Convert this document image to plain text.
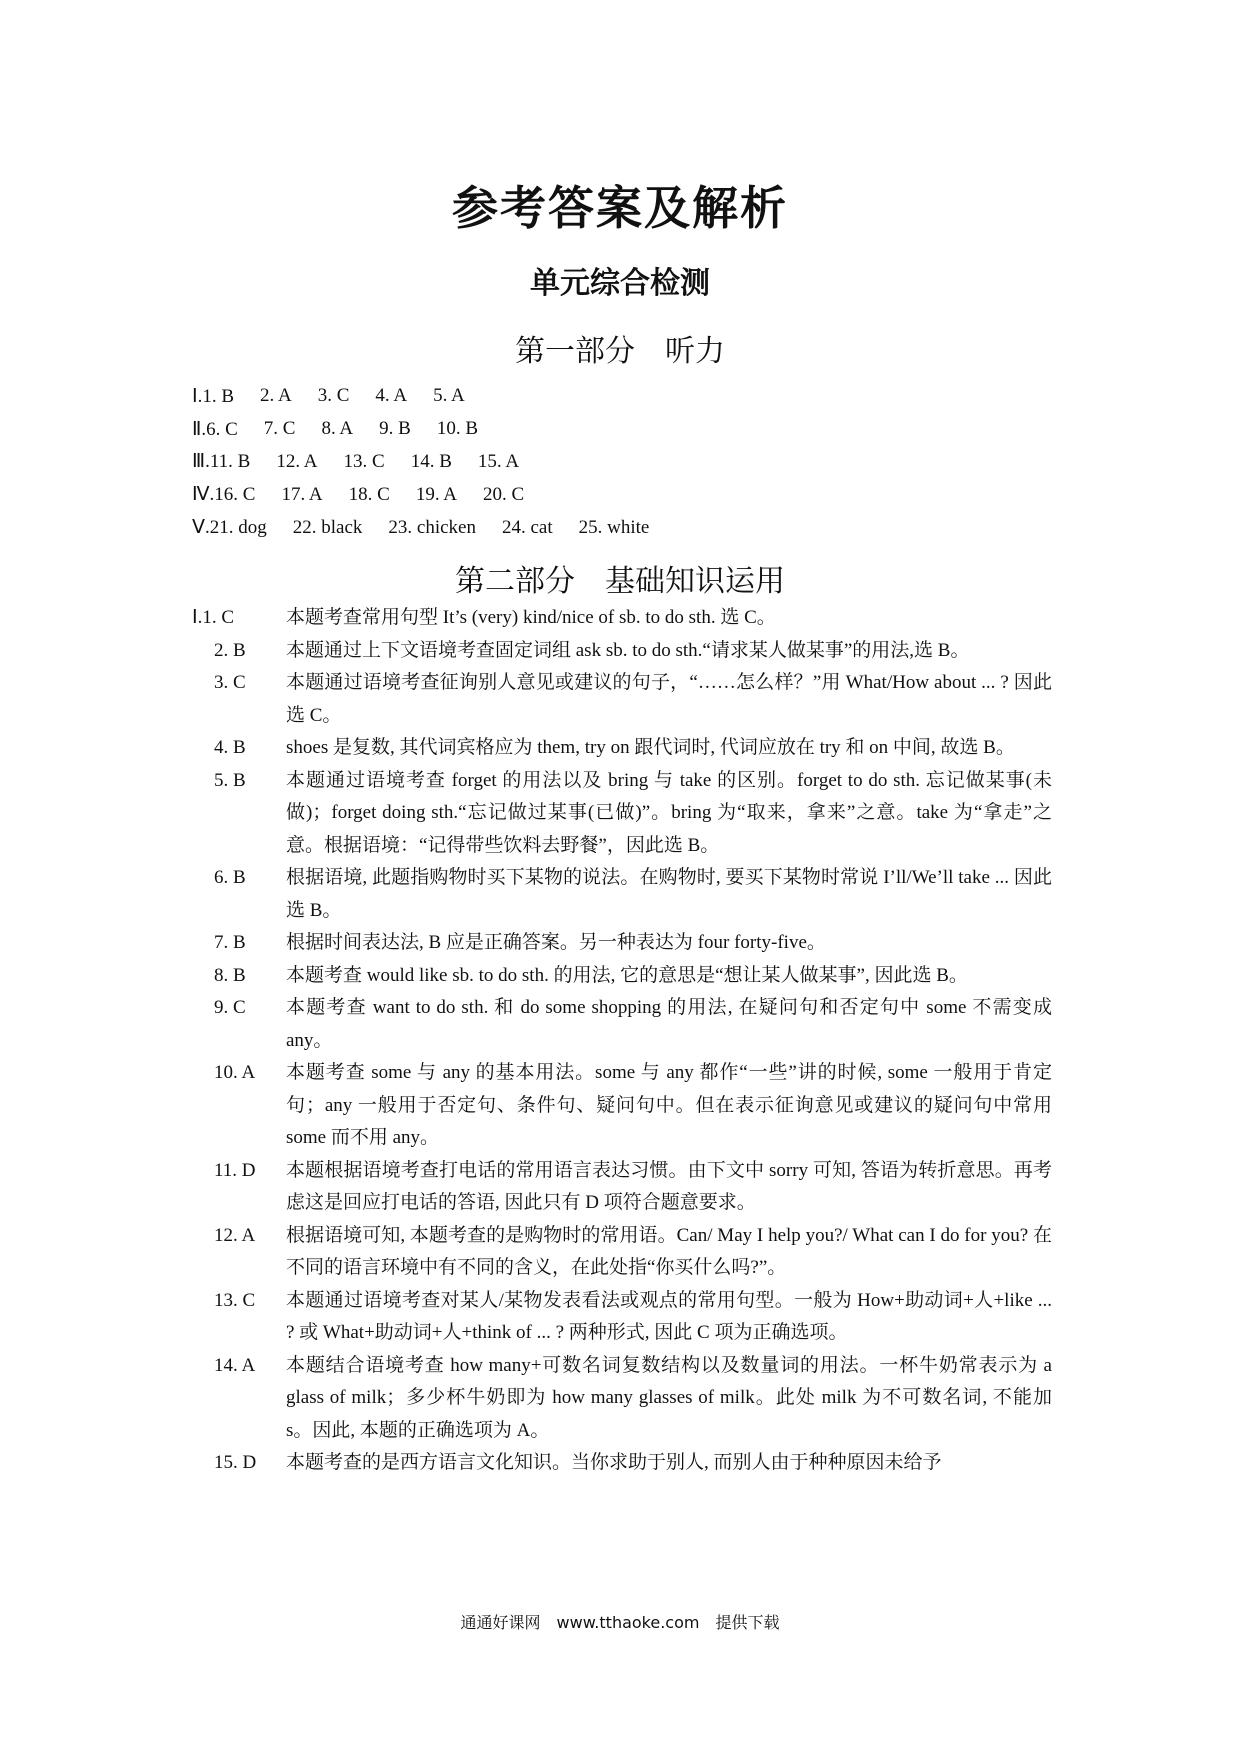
参考答案及解析
单元综合检测
第一部分　听力
Ⅰ.1. B 2. A 3. C 4. A 5. A
Ⅱ.6. C 7. C 8. A 9. B 10. B
Ⅲ.11. B 12. A 13. C 14. B 15. A
Ⅳ.16. C 17. A 18. C 19. A 20. C
Ⅴ.21. dog 22. black 23. chicken 24. cat 25. white
第二部分　基础知识运用
Ⅰ.1. C	本题考查常用句型 It’s (very) kind/nice of sb. to do sth. 选 C。
2. B	本题通过上下文语境考查固定词组 ask sb. to do sth.“请求某人做某事”的用法,选 B。
3. C	本题通过语境考查征询别人意见或建议的句子，“……怎么样？”用 What/How about ... ? 因此选 C。
4. B	shoes 是复数, 其代词宾格应为 them, try on 跟代词时, 代词应放在 try 和 on 中间, 故选 B。
5. B	本题通过语境考查 forget 的用法以及 bring 与 take 的区别。forget to do sth. 忘记做某事(未做)；forget doing sth.“忘记做过某事(已做)”。bring 为“取来，拿来”之意。take 为“拿走”之意。根据语境：“记得带些饮料去野餐”，因此选 B。
6. B	根据语境, 此题指购物时买下某物的说法。在购物时, 要买下某物时常说 I’ll/We’ll take ... 因此选 B。
7. B	根据时间表达法, B 应是正确答案。另一种表达为 four forty-five。
8. B	本题考查 would like sb. to do sth. 的用法, 它的意思是“想让某人做某事”, 因此选 B。
9. C	本题考查 want to do sth. 和 do some shopping 的用法, 在疑问句和否定句中 some 不需变成 any。
10. A	本题考查 some 与 any 的基本用法。some 与 any 都作“一些”讲的时候, some 一般用于肯定句；any 一般用于否定句、条件句、疑问句中。但在表示征询意见或建议的疑问句中常用 some 而不用 any。
11. D	本题根据语境考查打电话的常用语言表达习惯。由下文中 sorry 可知, 答语为转折意思。再考虑这是回应打电话的答语, 因此只有 D 项符合题意要求。
12. A	根据语境可知, 本题考查的是购物时的常用语。Can/ May I help you?/ What can I do for you? 在不同的语言环境中有不同的含义，在此处指“你买什么吗?”。
13. C	本题通过语境考查对某人/某物发表看法或观点的常用句型。一般为 How+助动词+人+like ... ? 或 What+助动词+人+think of ... ? 两种形式, 因此 C 项为正确选项。
14. A	本题结合语境考查 how many+可数名词复数结构以及数量词的用法。一杯牛奶常表示为 a glass of milk；多少杯牛奶即为 how many glasses of milk。此处 milk 为不可数名词, 不能加 s。因此, 本题的正确选项为 A。
15. D	本题考查的是西方语言文化知识。当你求助于别人, 而别人由于种种原因未给予
通通好课网　www.tthaoke.com　提供下载
